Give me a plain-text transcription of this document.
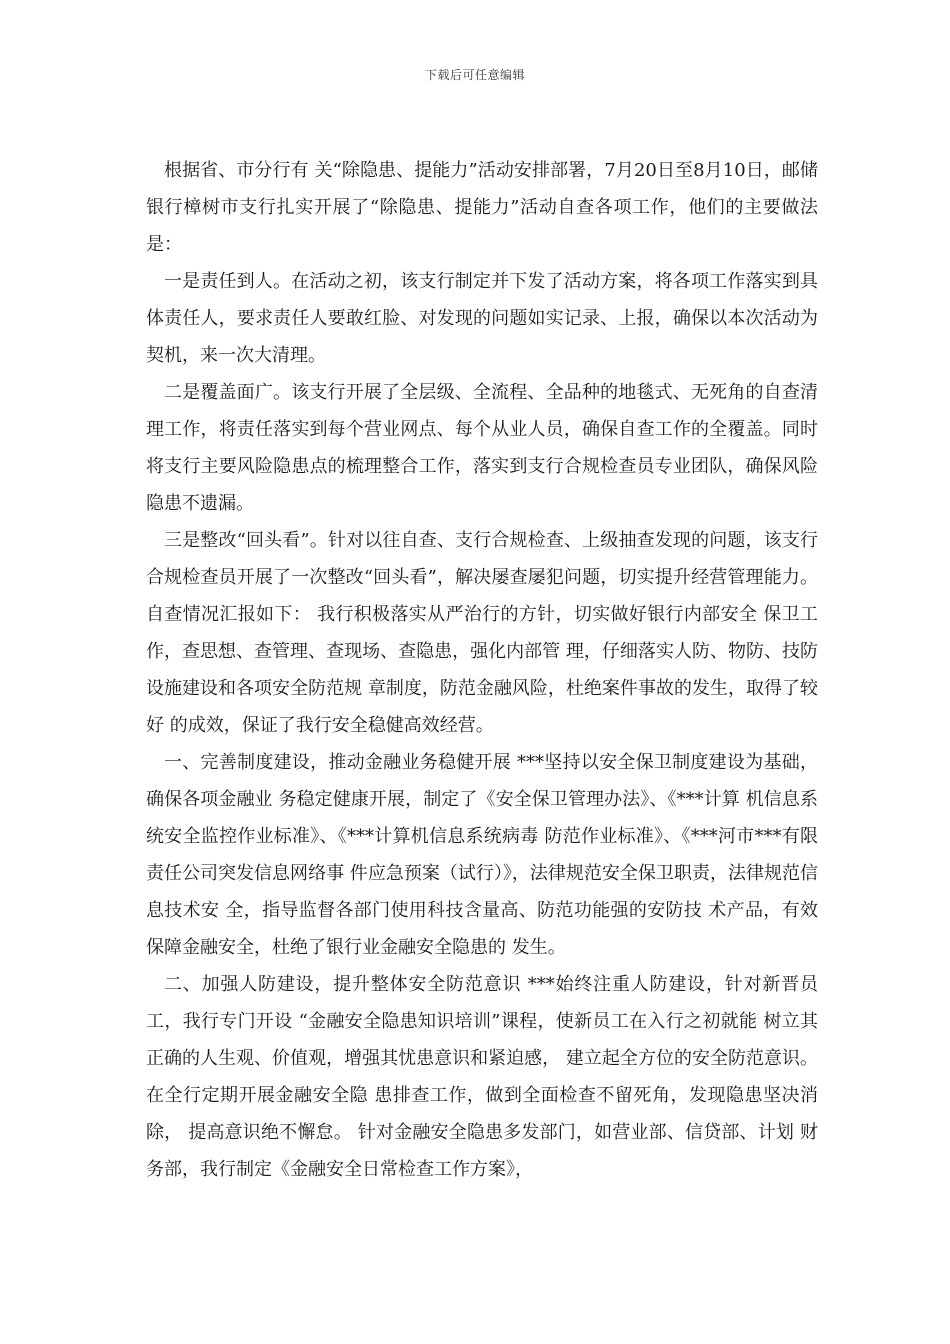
下载后可任意编辑

根据省、市分行有 关“除隐患、提能力”活动安排部署，7月20日至8月10日，邮储银行樟树市支行扎实开展了“除隐患、提能力”活动自查各项工作，他们的主要做法是：

一是责任到人。在活动之初，该支行制定并下发了活动方案，将各项工作落实到具体责任人，要求责任人要敢红脸、对发现的问题如实记录、上报，确保以本次活动为契机，来一次大清理。

二是覆盖面广。该支行开展了全层级、全流程、全品种的地毯式、无死角的自查清理工作，将责任落实到每个营业网点、每个从业人员，确保自查工作的全覆盖。同时将支行主要风险隐患点的梳理整合工作，落实到支行合规检查员专业团队，确保风险隐患不遗漏。

三是整改“回头看”。针对以往自查、支行合规检查、上级抽查发现的问题，该支行合规检查员开展了一次整改“回头看”，解决屡查屡犯问题，切实提升经营管理能力。自查情况汇报如下： 我行积极落实从严治行的方针，切实做好银行内部安全 保卫工作，查思想、查管理、查现场、查隐患，强化内部管 理，仔细落实人防、物防、技防设施建设和各项安全防范规 章制度，防范金融风险，杜绝案件事故的发生，取得了较好 的成效，保证了我行安全稳健高效经营。

一、完善制度建设，推动金融业务稳健开展 ***坚持以安全保卫制度建设为基础，确保各项金融业 务稳定健康开展，制定了《安全保卫管理办法》、《***计算 机信息系统安全监控作业标准》、《***计算机信息系统病毒 防范作业标准》、《***河市***有限责任公司突发信息网络事 件应急预案（试行）》，法律规范安全保卫职责，法律规范信息技术安 全，指导监督各部门使用科技含量高、防范功能强的安防技 术产品，有效保障金融安全，杜绝了银行业金融安全隐患的 发生。

二、加强人防建设，提升整体安全防范意识 ***始终注重人防建设，针对新晋员工，我行专门开设 “金融安全隐患知识培训”课程，使新员工在入行之初就能 树立其正确的人生观、价值观，增强其忧患意识和紧迫感， 建立起全方位的安全防范意识。在全行定期开展金融安全隐 患排查工作，做到全面检查不留死角，发现隐患坚决消除， 提高意识绝不懈怠。 针对金融安全隐患多发部门，如营业部、信贷部、计划 财务部，我行制定《金融安全日常检查工作方案》，
